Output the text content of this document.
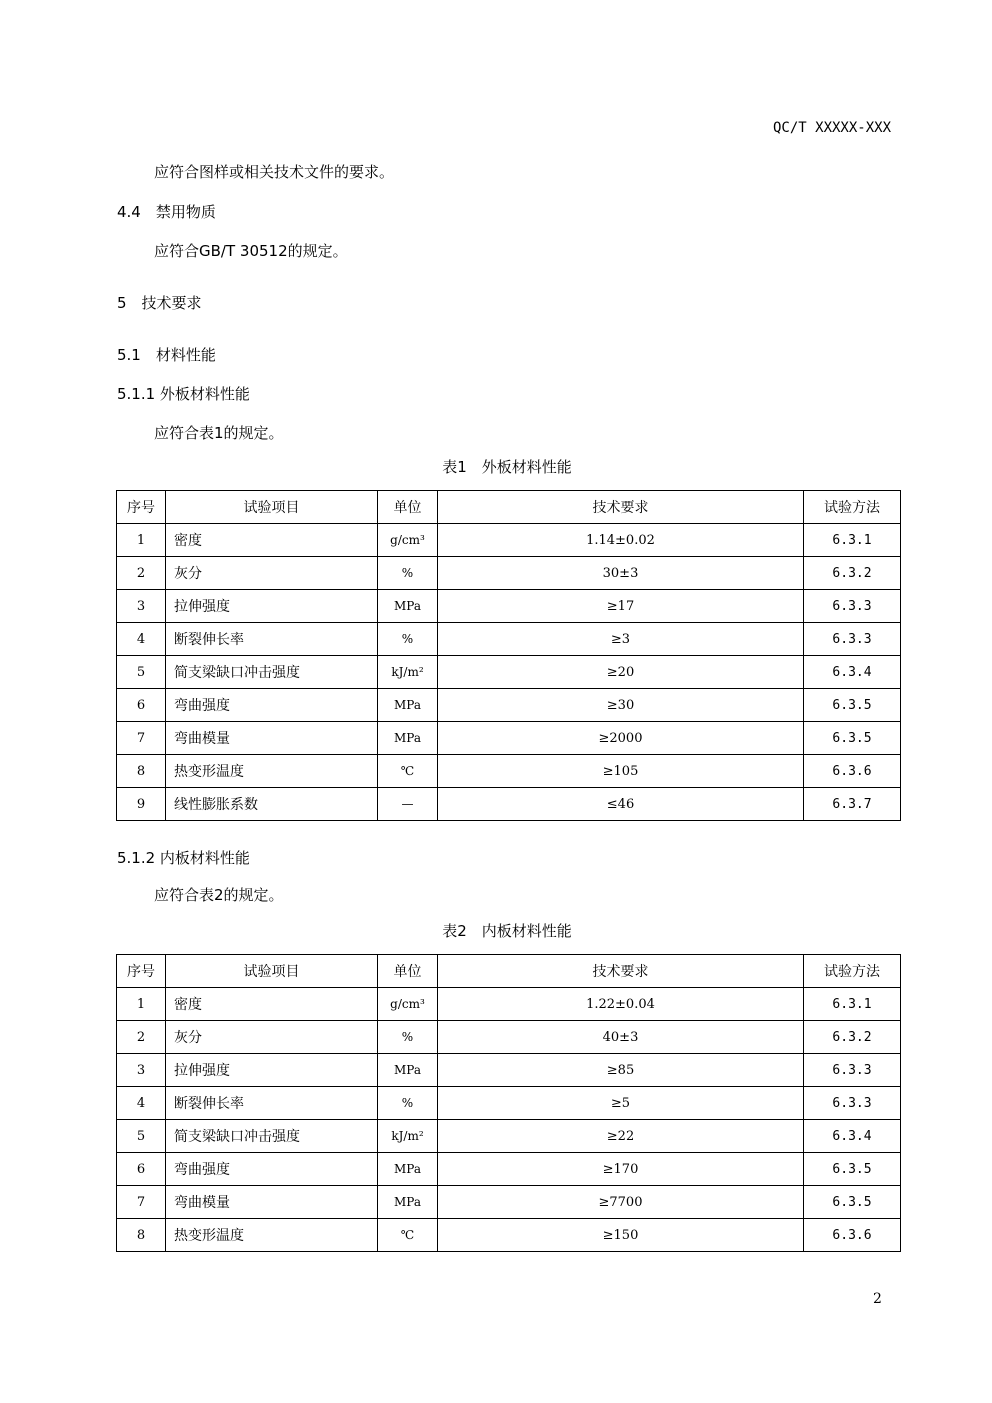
QC/T XXXXX-XXX
应符合图样或相关技术文件的要求。
4.4　禁用物质
应符合GB/T 30512的规定。
5　技术要求
5.1　材料性能
5.1.1 外板材料性能
应符合表1的规定。
表1　外板材料性能
序号	试验项目	单位	技术要求	试验方法
1	密度	g/cm³	1.14±0.02	6.3.1
2	灰分	%	30±3	6.3.2
3	拉伸强度	MPa	≥17	6.3.3
4	断裂伸长率	%	≥3	6.3.3
5	简支梁缺口冲击强度	kJ/m²	≥20	6.3.4
6	弯曲强度	MPa	≥30	6.3.5
7	弯曲模量	MPa	≥2000	6.3.5
8	热变形温度	℃	≥105	6.3.6
9	线性膨胀系数	—	≤46	6.3.7
5.1.2 内板材料性能
应符合表2的规定。
表2　内板材料性能
序号	试验项目	单位	技术要求	试验方法
1	密度	g/cm³	1.22±0.04	6.3.1
2	灰分	%	40±3	6.3.2
3	拉伸强度	MPa	≥85	6.3.3
4	断裂伸长率	%	≥5	6.3.3
5	简支梁缺口冲击强度	kJ/m²	≥22	6.3.4
6	弯曲强度	MPa	≥170	6.3.5
7	弯曲模量	MPa	≥7700	6.3.5
8	热变形温度	℃	≥150	6.3.6
2
